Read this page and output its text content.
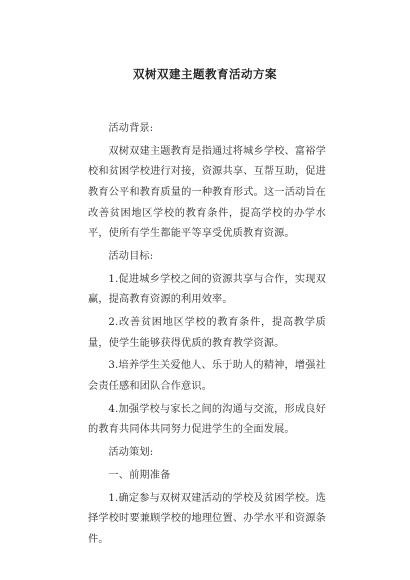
双树双建主题教育活动方案

活动背景:

双树双建主题教育是指通过将城乡学校、富裕学校和贫困学校进行对接，资源共享、互帮互助，促进教育公平和教育质量的一种教育形式。这一活动旨在改善贫困地区学校的教育条件，提高学校的办学水平，使所有学生都能平等享受优质教育资源。

活动目标:

1.促进城乡学校之间的资源共享与合作，实现双赢，提高教育资源的利用效率。

2.改善贫困地区学校的教育条件，提高教学质量，使学生能够获得优质的教育教学资源。

3.培养学生关爱他人、乐于助人的精神，增强社会责任感和团队合作意识。

4.加强学校与家长之间的沟通与交流，形成良好的教育共同体共同努力促进学生的全面发展。

活动策划:

一、前期准备

1.确定参与双树双建活动的学校及贫困学校。选择学校时要兼顾学校的地理位置、办学水平和资源条件。
